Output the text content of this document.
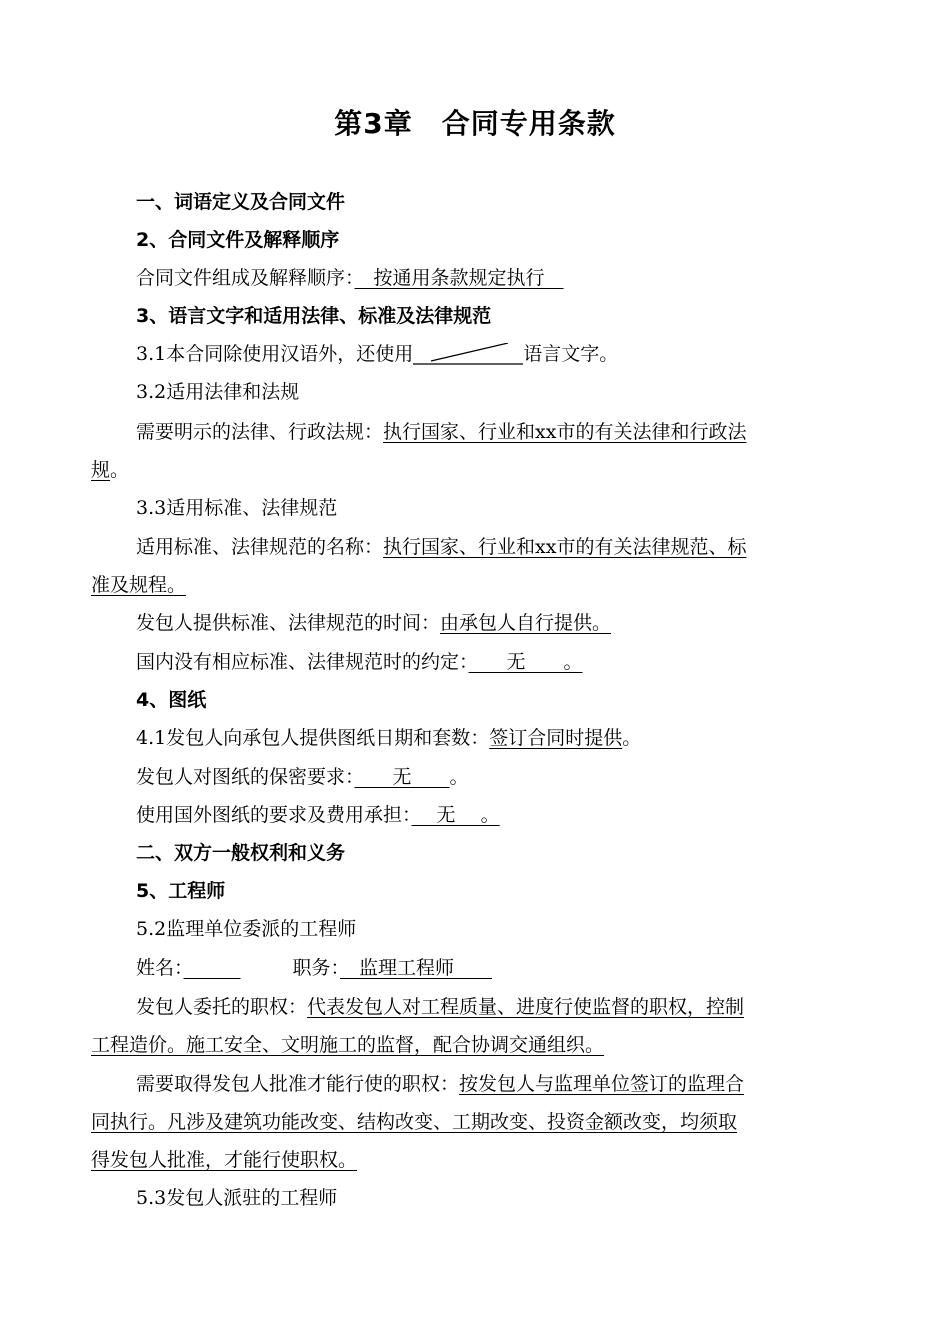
第3章　合同专用条款
一、词语定义及合同文件
2、合同文件及解释顺序
合同文件组成及解释顺序：　按通用条款规定执行　
3、语言文字和适用法律、标准及法律规范
3.1本合同除使用汉语外，还使用	语言文字。
3.2适用法律和法规
需要明示的法律、行政法规：执行国家、行业和xx市的有关法律和行政法
规。
3.3适用标准、法律规范
适用标准、法律规范的名称：执行国家、行业和xx市的有关法律规范、标
准及规程。
发包人提供标准、法律规范的时间：由承包人自行提供。
国内没有相应标准、法律规范时的约定：　　无　　。
4、图纸
4.1发包人向承包人提供图纸日期和套数：签订合同时提供。
发包人对图纸的保密要求：　　无　　。
使用国外图纸的要求及费用承担：　 无　 。
二、双方一般权利和义务
5、工程师
5.2监理单位委派的工程师
姓名：　　　	职务：　监理工程师　　
发包人委托的职权：代表发包人对工程质量、进度行使监督的职权，控制
工程造价。施工安全、文明施工的监督，配合协调交通组织。
需要取得发包人批准才能行使的职权：按发包人与监理单位签订的监理合
同执行。凡涉及建筑功能改变、结构改变、工期改变、投资金额改变，均须取
得发包人批准，才能行使职权。
5.3发包人派驻的工程师
